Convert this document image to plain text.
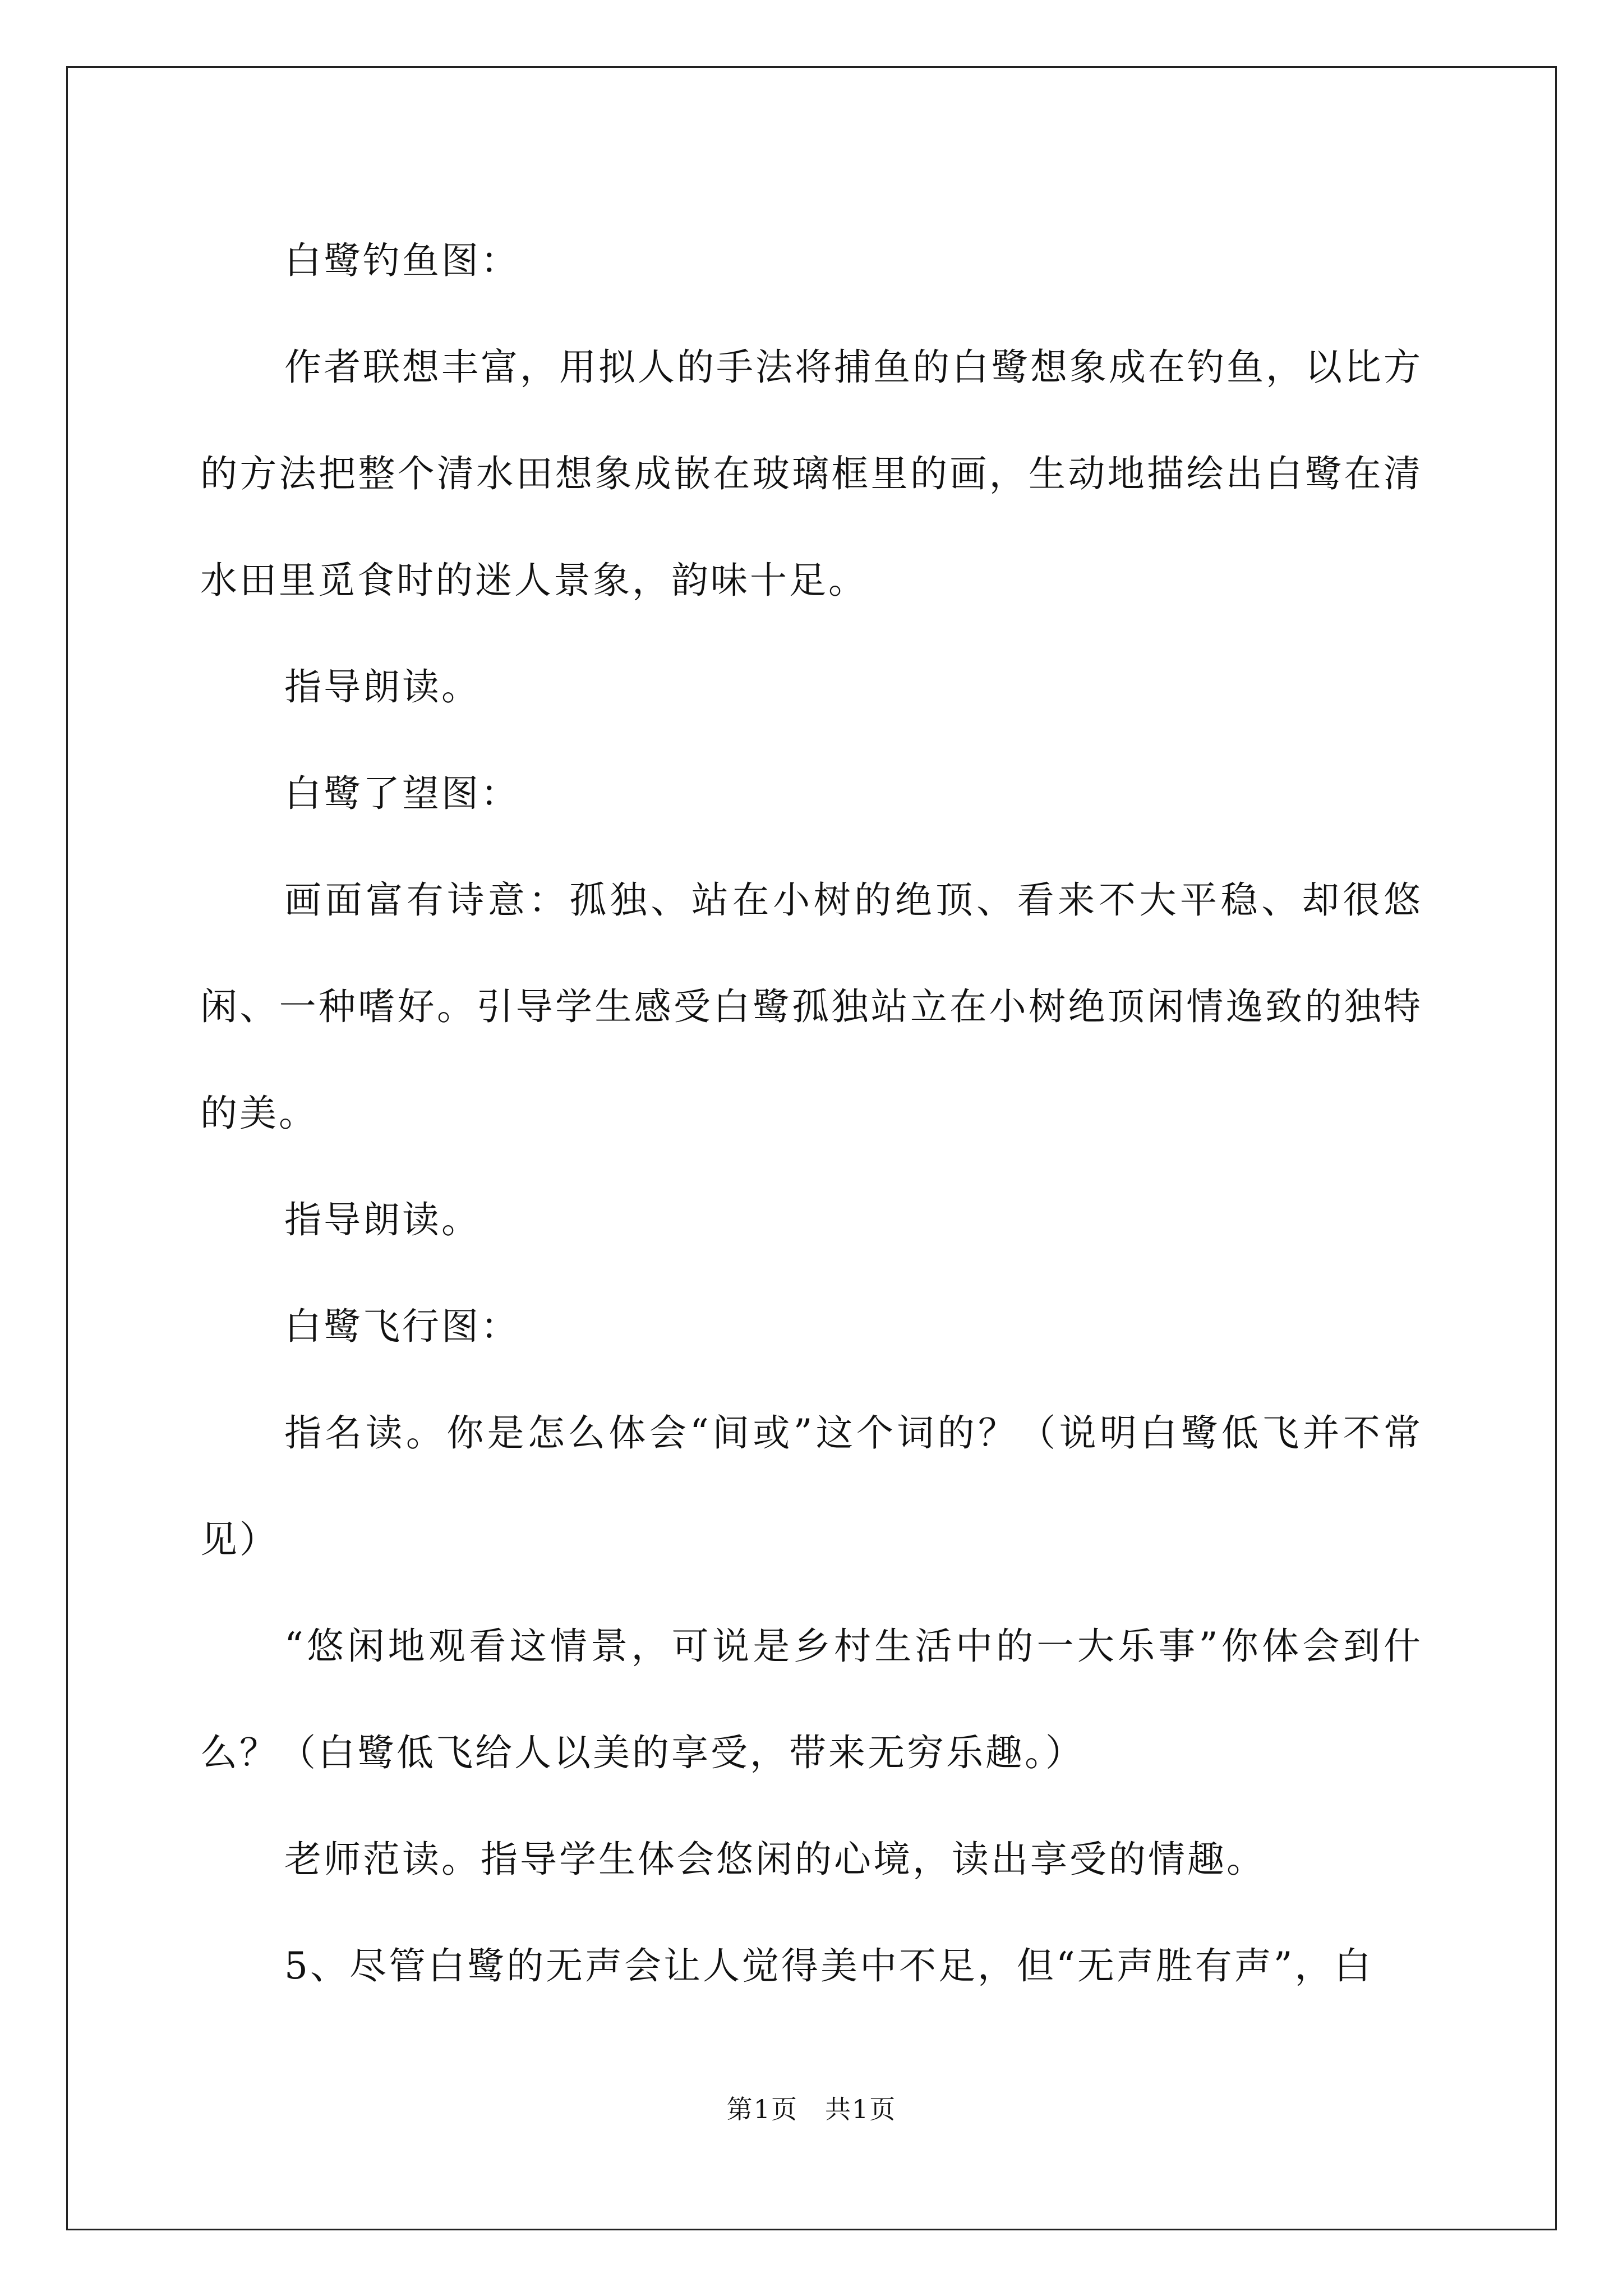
白鹭钓鱼图：

作者联想丰富，用拟人的手法将捕鱼的白鹭想象成在钓鱼，以比方的方法把整个清水田想象成嵌在玻璃框里的画，生动地描绘出白鹭在清水田里觅食时的迷人景象，韵味十足。

指导朗读。

白鹭了望图：

画面富有诗意：孤独、站在小树的绝顶、看来不大平稳、却很悠闲、一种嗜好。引导学生感受白鹭孤独站立在小树绝顶闲情逸致的独特的美。

指导朗读。

白鹭飞行图：

指名读。你是怎么体会“间或”这个词的？（说明白鹭低飞并不常见）

“悠闲地观看这情景，可说是乡村生活中的一大乐事”你体会到什么？（白鹭低飞给人以美的享受，带来无穷乐趣。）

老师范读。指导学生体会悠闲的心境，读出享受的情趣。

5、尽管白鹭的无声会让人觉得美中不足，但“无声胜有声”，白

第1页 共1页
